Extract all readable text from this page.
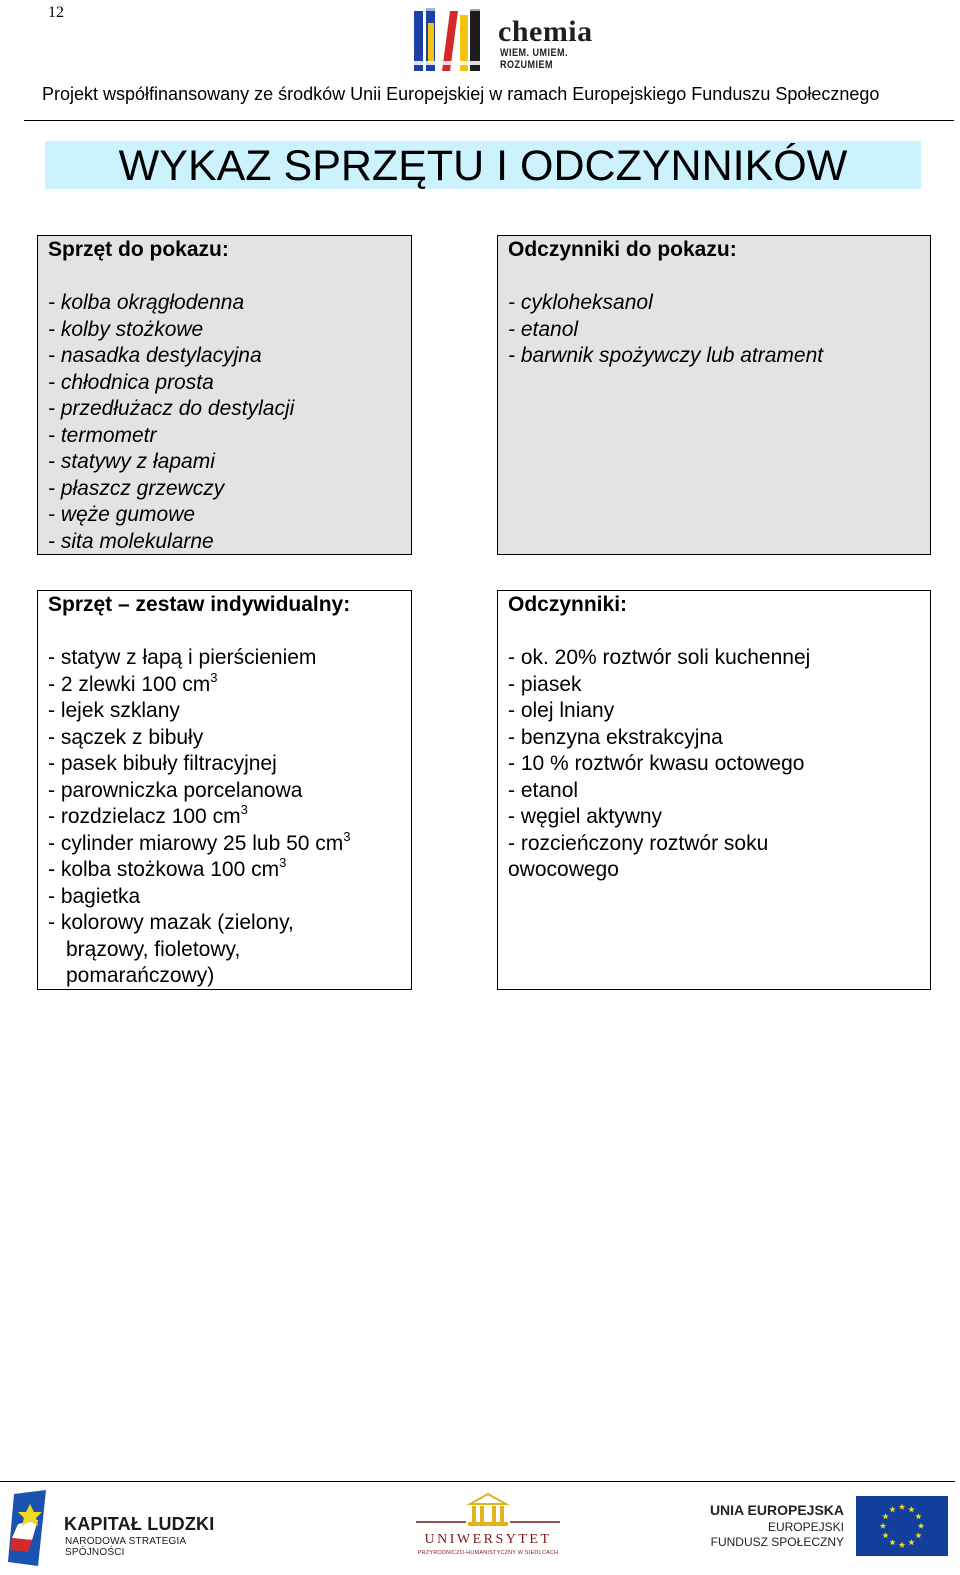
12
chemia
WIEM. UMIEM. ROZUMIEM
Projekt współfinansowany ze środków Unii Europejskiej w ramach Europejskiego Funduszu Społecznego
WYKAZ SPRZĘTU I ODCZYNNIKÓW
Sprzęt do pokazu:
- kolba okrągłodenna
- kolby stożkowe
- nasadka destylacyjna
- chłodnica prosta
- przedłużacz do destylacji
- termometr
- statywy z łapami
- płaszcz grzewczy
- węże gumowe
- sita molekularne
Odczynniki do pokazu:
- cykloheksanol
- etanol
- barwnik spożywczy lub atrament
Sprzęt – zestaw indywidualny:
- statyw z łapą i pierścieniem
- 2 zlewki 100 $cm^3$
- lejek szklany
- sączek z bibuły
- pasek bibuły filtracyjnej
- parowniczka porcelanowa
- rozdzielacz 100 $cm^3$
- cylinder miarowy 25 lub 50 $cm^3$
- kolba stożkowa 100 $cm^3$
- bagietka
- kolorowy mazak (zielony,
brązowy, fioletowy,
pomarańczowy)
Odczynniki:
- ok. 20% roztwór soli kuchennej
- piasek
- olej lniany
- benzyna ekstrakcyjna
- 10 % roztwór kwasu octowego
- etanol
- węgiel aktywny
- rozcieńczony roztwór soku
owocowego
KAPITAŁ LUDZKI
NARODOWA STRATEGIA SPÓJNOŚCI
UNIWERSYTET
PRZYRODNICZO-HUMANISTYCZNY W SIEDLCACH
UNIA EUROPEJSKA
EUROPEJSKI
FUNDUSZ SPOŁECZNY
